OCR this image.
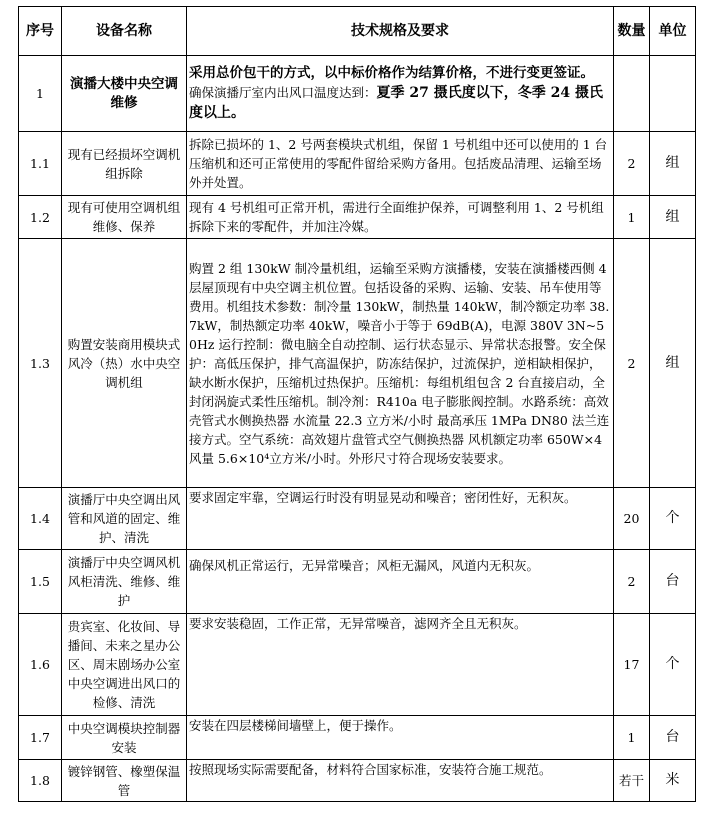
序号	设备名称	技术规格及要求	数量	单位
1	演播大楼中央空调维修	采用总价包干的方式，以中标价格作为结算价格，不进行变更签证。
确保演播厅室内出风口温度达到：夏季 27 摄氏度以下，冬季 24 摄氏度以上。		

1.1	现有已经损坏空调机组拆除	拆除已损坏的 1、2 号两套模块式机组，保留 1 号机组中还可以使用的 1 台压缩机和还可正常使用的零配件留给采购方备用。包括废品清理、运输至场外并处置。	2	组
1.2	现有可使用空调机组维修、保养	现有 4 号机组可正常开机，需进行全面维护保养，可调整利用 1、2 号机组拆除下来的零配件，并加注冷媒。	1	组
1.3	购置安装商用模块式风冷（热）水中央空调机组	购置 2 组 130kW 制冷量机组，运输至采购方演播楼，安装在演播楼西侧 4 层屋顶现有中央空调主机位置。包括设备的采购、运输、安装、吊车使用等费用。机组技术参数：制冷量 130kW，制热量 140kW，制冷额定功率 38.7kW，制热额定功率 40kW，噪音小于等于 69dB(A)，电源 380V 3N~50Hz 运行控制：微电脑全自动控制、运行状态显示、异常状态报警。安全保护：高低压保护，排气高温保护，防冻结保护，过流保护，逆相缺相保护，缺水断水保护，压缩机过热保护。压缩机：每组机组包含 2 台直接启动，全封闭涡旋式柔性压缩机。制冷剂：R410a 电子膨胀阀控制。水路系统：高效壳管式水侧换热器 水流量 22.3 立方米/小时 最高承压 1MPa DN80 法兰连接方式。空气系统：高效翅片盘管式空气侧换热器 风机额定功率 650W×4 风量 5.6×10⁴立方米/小时。外形尺寸符合现场安装要求。	2	组
1.4	演播厅中央空调出风管和风道的固定、维护、清洗	要求固定牢靠，空调运行时没有明显晃动和噪音；密闭性好，无积灰。	20	个
1.5	演播厅中央空调风机风柜清洗、维修、维护	确保风机正常运行，无异常噪音；风柜无漏风，风道内无积灰。	2	台
1.6	贵宾室、化妆间、导播间、未来之星办公区、周末剧场办公室中央空调进出风口的检修、清洗	要求安装稳固，工作正常，无异常噪音，滤网齐全且无积灰。	17	个
1.7	中央空调模块控制器安装	安装在四层楼梯间墙壁上，便于操作。	1	台
1.8	镀锌钢管、橡塑保温管	按照现场实际需要配备，材料符合国家标准，安装符合施工规范。	若干	米
